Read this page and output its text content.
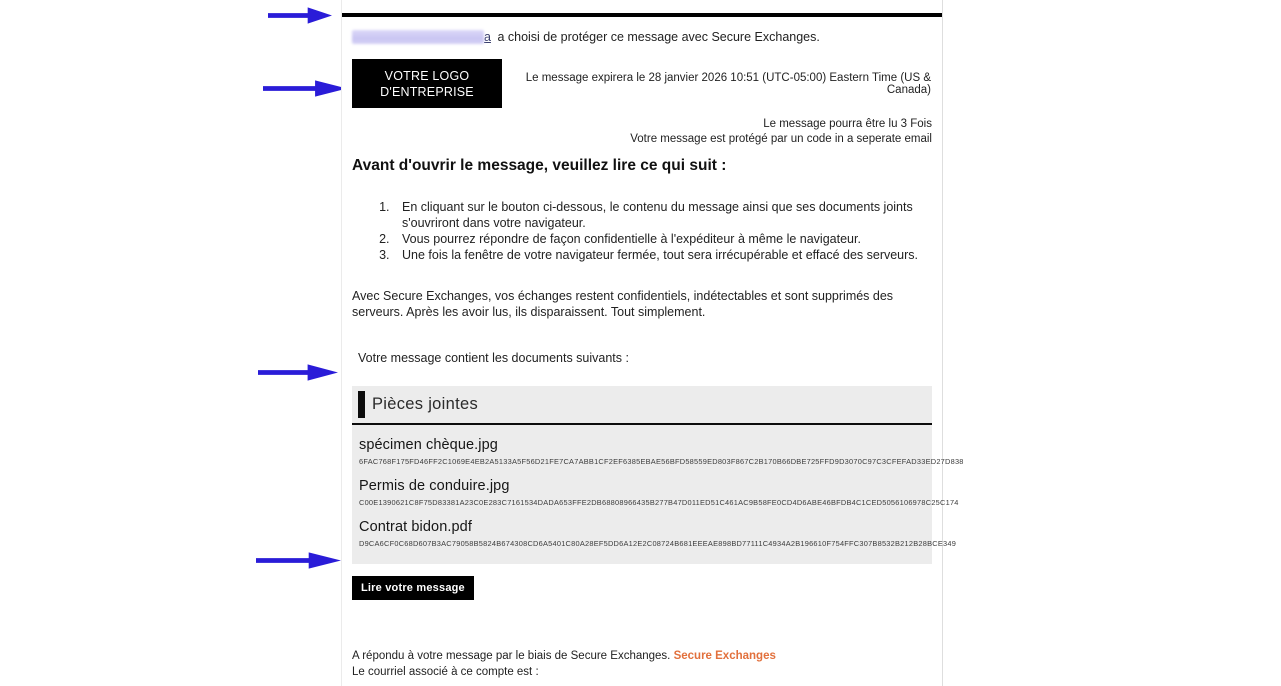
a a choisi de protéger ce message avec Secure Exchanges.
VOTRE LOGO
D'ENTREPRISE
Le message expirera le 28 janvier 2026 10:51 (UTC-05:00) Eastern Time (US & Canada)
Le message pourra être lu 3 Fois
Votre message est protégé par un code in a seperate email
Avant d'ouvrir le message, veuillez lire ce qui suit :
1. En cliquant sur le bouton ci-dessous, le contenu du message ainsi que ses documents joints s'ouvriront dans votre navigateur.
2. Vous pourrez répondre de façon confidentielle à l'expéditeur à même le navigateur.
3. Une fois la fenêtre de votre navigateur fermée, tout sera irrécupérable et effacé des serveurs.
Avec Secure Exchanges, vos échanges restent confidentiels, indétectables et sont supprimés des serveurs. Après les avoir lus, ils disparaissent. Tout simplement.
Votre message contient les documents suivants :
Pièces jointes
spécimen chèque.jpg
6FAC768F175FD46FF2C1069E4EB2A5133A5F56D21FE7CA7ABB1CF2EF6385EBAE56BFD58559ED803F867C2B170B66DBE725FFD9D3070C97C3CFEFAD33ED27D838
Permis de conduire.jpg
C00E1390621C8F75D83381A23C0E283C7161534DADA653FFE2DB68808966435B277B47D011ED51C461AC9B58FE0CD4D6ABE46BFDB4C1CED5056106978C25C174
Contrat bidon.pdf
D9CA6CF0C68D607B3AC79058B5824B674308CD6A5401C80A28EF5DD6A12E2C08724B681EEEAE898BD77111C4934A2B196610F754FFC307B8532B212B28BCE349
Lire votre message
A répondu à votre message par le biais de Secure Exchanges. Secure Exchanges
Le courriel associé à ce compte est :
